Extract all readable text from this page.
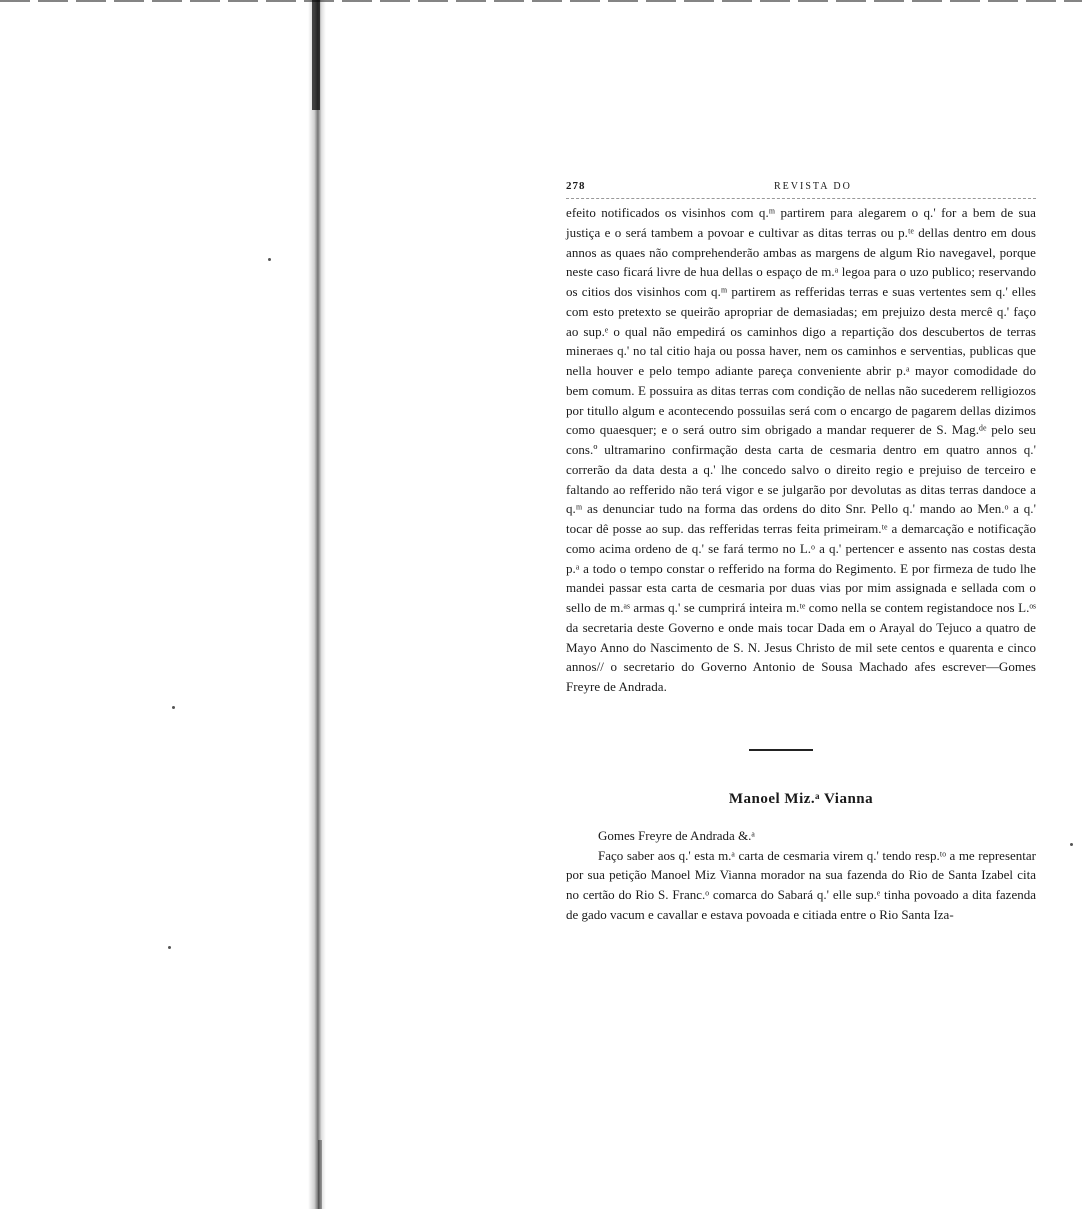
278	REVISTA DO

efeito notificados os visinhos com q.ᵐ partirem para alegarem o q.' for a bem de sua justiça e o será tambem a povoar e cultivar as ditas terras ou p.ᵗᵉ dellas dentro em dous annos as quaes não comprehenderão ambas as margens de algum Rio navegavel, porque neste caso ficará livre de hua dellas o espaço de m.ᵃ legoa para o uzo publico; reservando os citios dos visinhos com q.ᵐ partirem as refferidas terras e suas vertentes sem q.' elles com esto pretexto se queirão apropriar de demasiadas; em prejuizo desta mercê q.' faço ao sup.ᵉ o qual não empedirá os caminhos digo a repartição dos descubertos de terras mineraes q.' no tal citio haja ou possa haver, nem os caminhos e serventias, publicas que nella houver e pelo tempo adiante pareça conveniente abrir p.ᵃ mayor comodidade do bem comum. E possuira as ditas terras com condição de nellas não sucederem relligiozos por titullo algum e acontecendo possuilas será com o encargo de pagarem dellas dizimos como quaesquer; e o será outro sim obrigado a mandar requerer de S. Mag.ᵈᵉ pelo seu cons.º ultramarino confirmação desta carta de cesmaria dentro em quatro annos q.' correrão da data desta a q.' lhe concedo salvo o direito regio e prejuiso de terceiro e faltando ao refferido não terá vigor e se julgarão por devolutas as ditas terras dandoce a q.ᵐ as denunciar tudo na forma das ordens do dito Snr. Pello q.' mando ao Men.ᵒ a q.' tocar dê posse ao sup. das refferidas terras feita primeiram.ᵗᵉ a demarcação e notificação como acima ordeno de q.' se fará termo no L.ᵒ a q.' pertencer e assento nas costas desta p.ᵃ a todo o tempo constar o refferido na forma do Regimento. E por firmeza de tudo lhe mandei passar esta carta de cesmaria por duas vias por mim assignada e sellada com o sello de m.ᵃˢ armas q.' se cumprirá inteira m.ᵗᵉ como nella se contem registandoce nos L.ᵒˢ da secretaria deste Governo e onde mais tocar Dada em o Arayal do Tejuco a quatro de Mayo Anno do Nascimento de S. N. Jesus Christo de mil sete centos e quarenta e cinco annos// o secretario do Governo Antonio de Sousa Machado afes escrever—Gomes Freyre de Andrada.

Manoel Miz.ᵃ Vianna

Gomes Freyre de Andrada &.ᵃ

Faço saber aos q.' esta m.ᵃ carta de cesmaria virem q.' tendo resp.ᵗᵒ a me representar por sua petição Manoel Miz Vianna morador na sua fazenda do Rio de Santa Izabel cita no certão do Rio S. Franc.ᵒ comarca do Sabará q.' elle sup.ᵉ tinha povoado a dita fazenda de gado vacum e cavallar e estava povoada e citiada entre o Rio Santa Iza-
